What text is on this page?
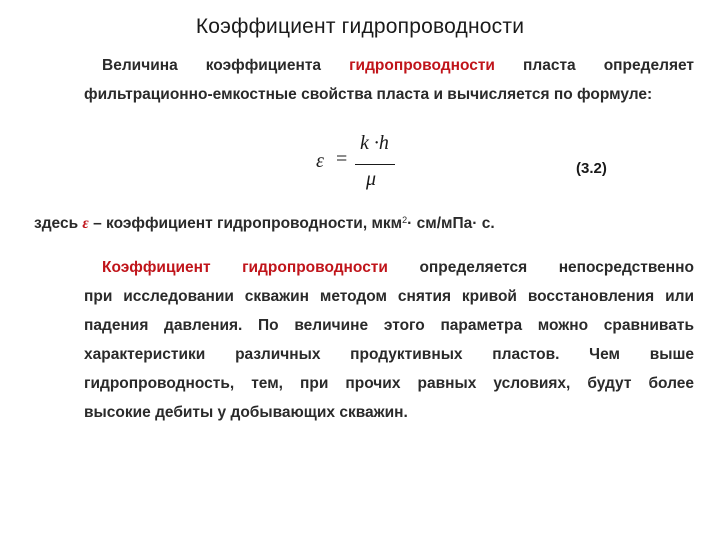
Коэффициент гидропроводности
Величина коэффициента гидропроводности пласта определяет
фильтрационно-емкостные свойства пласта и вычисляется по формуле:
ε =
k ·h
μ	(3.2)
здесь ε – коэффициент гидропроводности, мкм$^2$· см/мПа· с.
Коэффициент гидропроводности определяется непосредственно
при исследовании скважин методом снятия кривой восстановления или
падения давления. По величине этого параметра можно сравнивать
характеристики различных продуктивных пластов. Чем выше
гидропроводность, тем, при прочих равных условиях, будут более
высокие дебиты у добывающих скважин.
